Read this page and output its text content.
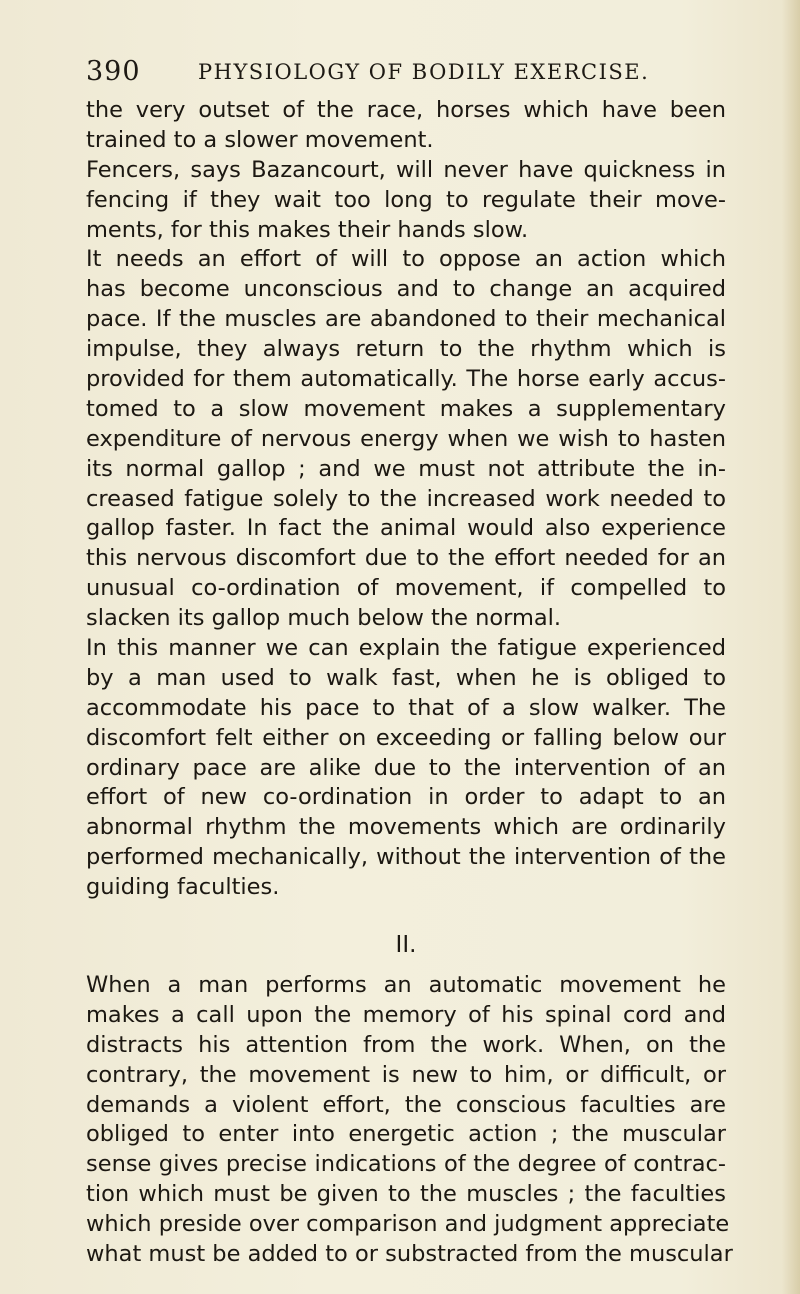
390	PHYSIOLOGY OF BODILY EXERCISE.
the very outset of the race, horses which have been
trained to a slower movement.
Fencers, says Bazancourt, will never have quickness in
fencing if they wait too long to regulate their move-
ments, for this makes their hands slow.
It needs an effort of will to oppose an action which
has become unconscious and to change an acquired
pace. If the muscles are abandoned to their mechanical
impulse, they always return to the rhythm which is
provided for them automatically. The horse early accus-
tomed to a slow movement makes a supplementary
expenditure of nervous energy when we wish to hasten
its normal gallop ; and we must not attribute the in-
creased fatigue solely to the increased work needed to
gallop faster. In fact the animal would also experience
this nervous discomfort due to the effort needed for an
unusual co-ordination of movement, if compelled to
slacken its gallop much below the normal.
In this manner we can explain the fatigue experienced
by a man used to walk fast, when he is obliged to
accommodate his pace to that of a slow walker. The
discomfort felt either on exceeding or falling below our
ordinary pace are alike due to the intervention of an
effort of new co-ordination in order to adapt to an
abnormal rhythm the movements which are ordinarily
performed mechanically, without the intervention of the
guiding faculties.
II.
When a man performs an automatic movement he
makes a call upon the memory of his spinal cord and
distracts his attention from the work. When, on the
contrary, the movement is new to him, or difficult, or
demands a violent effort, the conscious faculties are
obliged to enter into energetic action ; the muscular
sense gives precise indications of the degree of contrac-
tion which must be given to the muscles ; the faculties
which preside over comparison and judgment appreciate
what must be added to or substracted from the muscular
